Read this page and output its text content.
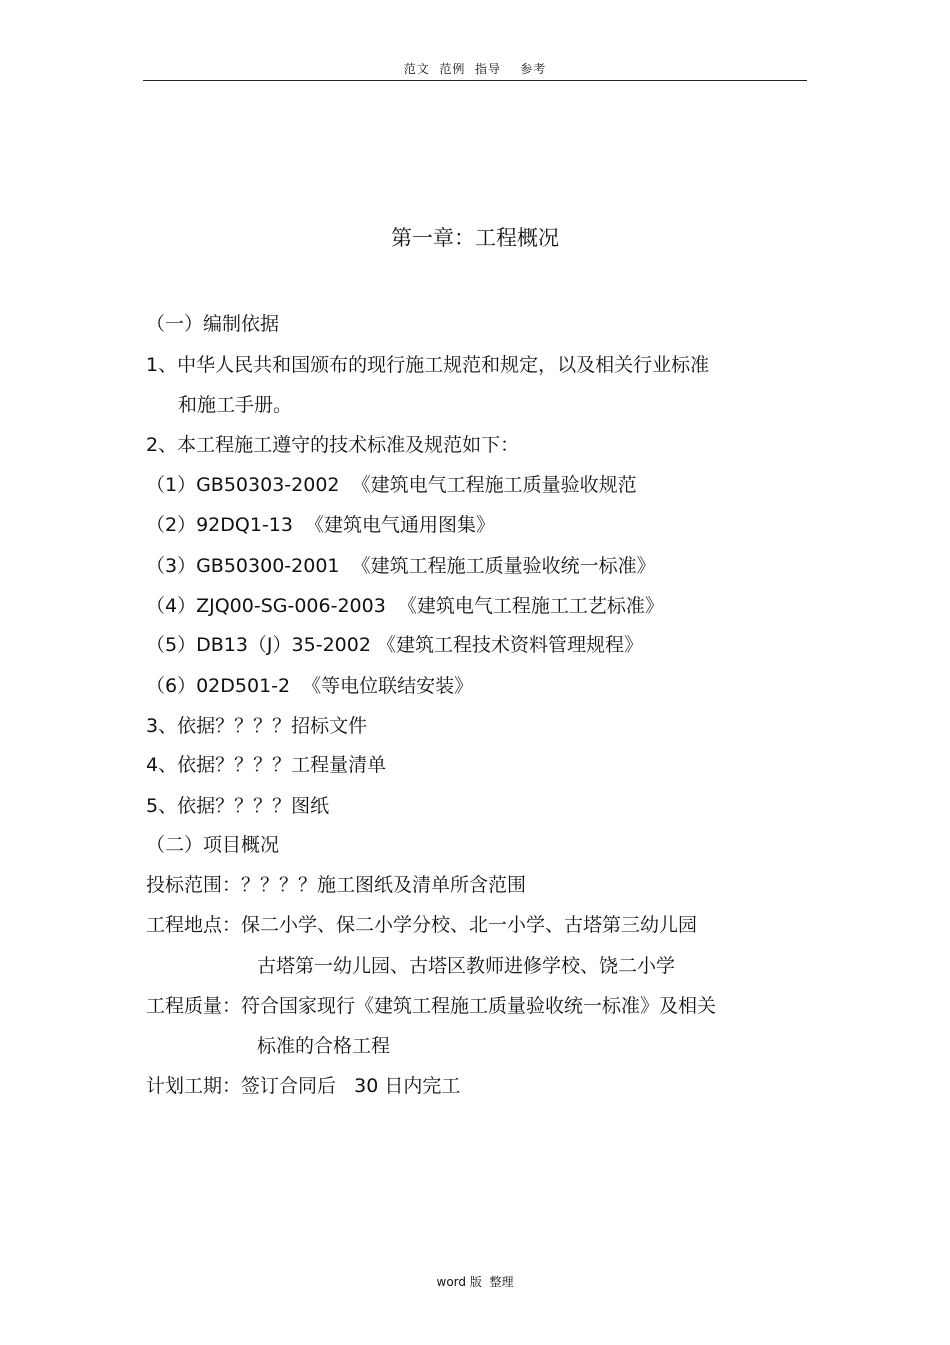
范文  范例  指导    参考
第一章：工程概况
（一）编制依据
1、中华人民共和国颁布的现行施工规范和规定，以及相关行业标准
和施工手册。
2、本工程施工遵守的技术标准及规范如下：
（1）GB50303-2002  《建筑电气工程施工质量验收规范
（2）92DQ1-13  《建筑电气通用图集》
（3）GB50300-2001  《建筑工程施工质量验收统一标准》
（4）ZJQ00-SG-006-2003  《建筑电气工程施工工艺标准》
（5）DB13（J）35-2002 《建筑工程技术资料管理规程》
（6）02D501-2  《等电位联结安装》
3、依据？？？？招标文件
4、依据？？？？工程量清单
5、依据？？？？图纸
（二）项目概况
投标范围：？？？？施工图纸及清单所含范围
工程地点：保二小学、保二小学分校、北一小学、古塔第三幼儿园
古塔第一幼儿园、古塔区教师进修学校、饶二小学
工程质量：符合国家现行《建筑工程施工质量验收统一标准》及相关
标准的合格工程
计划工期：签订合同后   30 日内完工
word 版  整理
